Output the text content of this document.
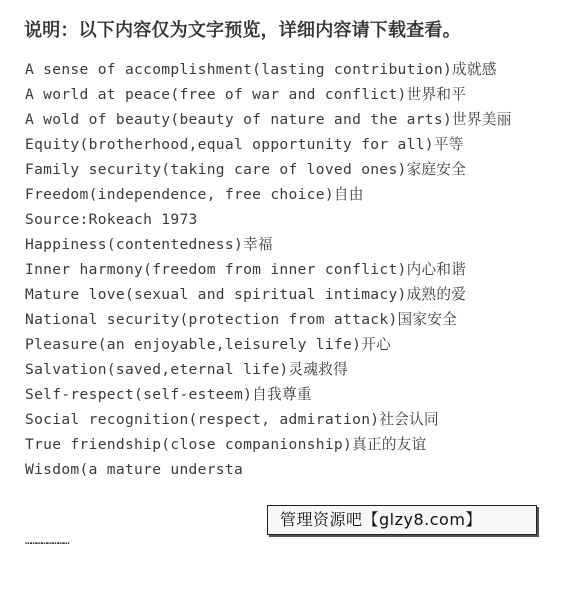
说明：以下内容仅为文字预览，详细内容请下载查看。
A sense of accomplishment(lasting contribution)成就感
A world at peace(free of war and conflict)世界和平
A wold of beauty(beauty of nature and the arts)世界美丽
Equity(brotherhood,equal opportunity for all)平等
Family security(taking care of loved ones)家庭安全
Freedom(independence, free choice)自由
Source:Rokeach 1973
Happiness(contentedness)幸福
Inner harmony(freedom from inner conflict)内心和谐
Mature love(sexual and spiritual intimacy)成熟的爱
National security(protection from attack)国家安全
Pleasure(an enjoyable,leisurely life)开心
Salvation(saved,eternal life)灵魂救得
Self-respect(self-esteem)自我尊重
Social recognition(respect, admiration)社会认同
True friendship(close companionship)真正的友谊
Wisdom(a mature understa
……………………
管理资源吧【glzy8.com】
